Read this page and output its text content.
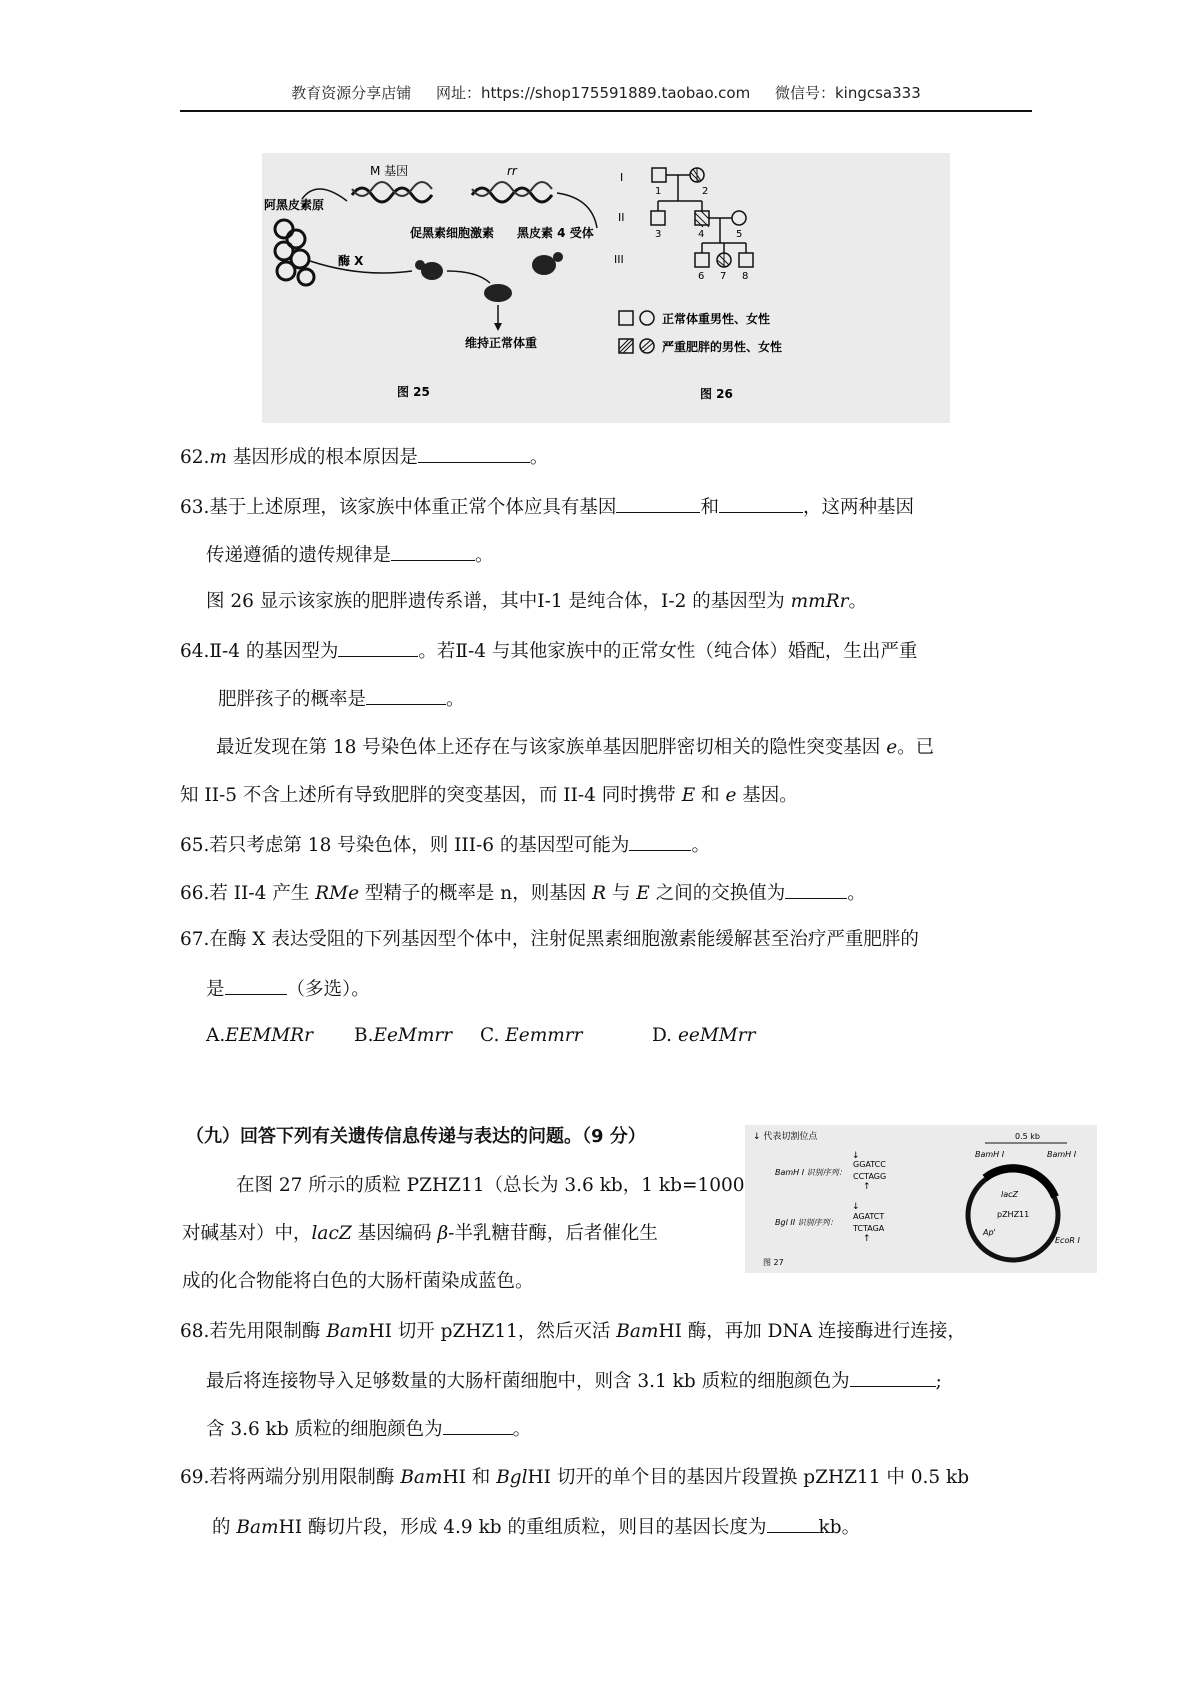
教育资源分享店铺 网址：https://shop175591889.taobao.com 微信号：kingcsa333
M 基因	rr
阿黑皮素原
促黑素细胞激素 黑皮素 4 受体
酶 X
维持正常体重
图 25
I
II
III
1	2
3	4	5
6 7 8
正常体重男性、女性
严重肥胖的男性、女性
图 26
62.m 基因形成的根本原因是	。
63.基于上述原理，该家族中体重正常个体应具有基因	和	，这两种基因
传递遵循的遗传规律是	。
图 26 显示该家族的肥胖遗传系谱，其中Ⅰ-1 是纯合体，Ⅰ-2 的基因型为 mmRr。
64.Ⅱ-4 的基因型为	。若Ⅱ-4 与其他家族中的正常女性（纯合体）婚配，生出严重
肥胖孩子的概率是	。
最近发现在第 18 号染色体上还存在与该家族单基因肥胖密切相关的隐性突变基因 e。已
知 II-5 不含上述所有导致肥胖的突变基因，而 II-4 同时携带 E 和 e 基因。
65.若只考虑第 18 号染色体，则 III-6 的基因型可能为	。
66.若 II-4 产生 RMe 型精子的概率是 n，则基因 R 与 E 之间的交换值为	。
67.在酶 X 表达受阻的下列基因型个体中，注射促黑素细胞激素能缓解甚至治疗严重肥胖的
是	（多选）。
A.EEMMRr B.EeMmrr C. Eemmrr	D. eeMMrr
（九）回答下列有关遗传信息传递与表达的问题。（9 分）
在图 27 所示的质粒 PZHZ11（总长为 3.6 kb，1 kb=1000
对碱基对）中，lacZ 基因编码 β-半乳糖苷酶，后者催化生
成的化合物能将白色的大肠杆菌染成蓝色。
↓ 代表切割位点
BamH I 识别序列：
GGATCC
CCTAGG
↓
↑
Bgl II 识别序列：
AGATCT
TCTAGA
↓
↑
图 27
0.5 kb
BamH I	BamH I
lacZ
pZHZ11
Ap'
EcoR I
68.若先用限制酶 BamHI 切开 pZHZ11，然后灭活 BamHI 酶，再加 DNA 连接酶进行连接，
最后将连接物导入足够数量的大肠杆菌细胞中，则含 3.1 kb 质粒的细胞颜色为	;
含 3.6 kb 质粒的细胞颜色为	。
69.若将两端分别用限制酶 BamHI 和 BglHI 切开的单个目的基因片段置换 pZHZ11 中 0.5 kb
的 BamHI 酶切片段，形成 4.9 kb 的重组质粒，则目的基因长度为	kb。
